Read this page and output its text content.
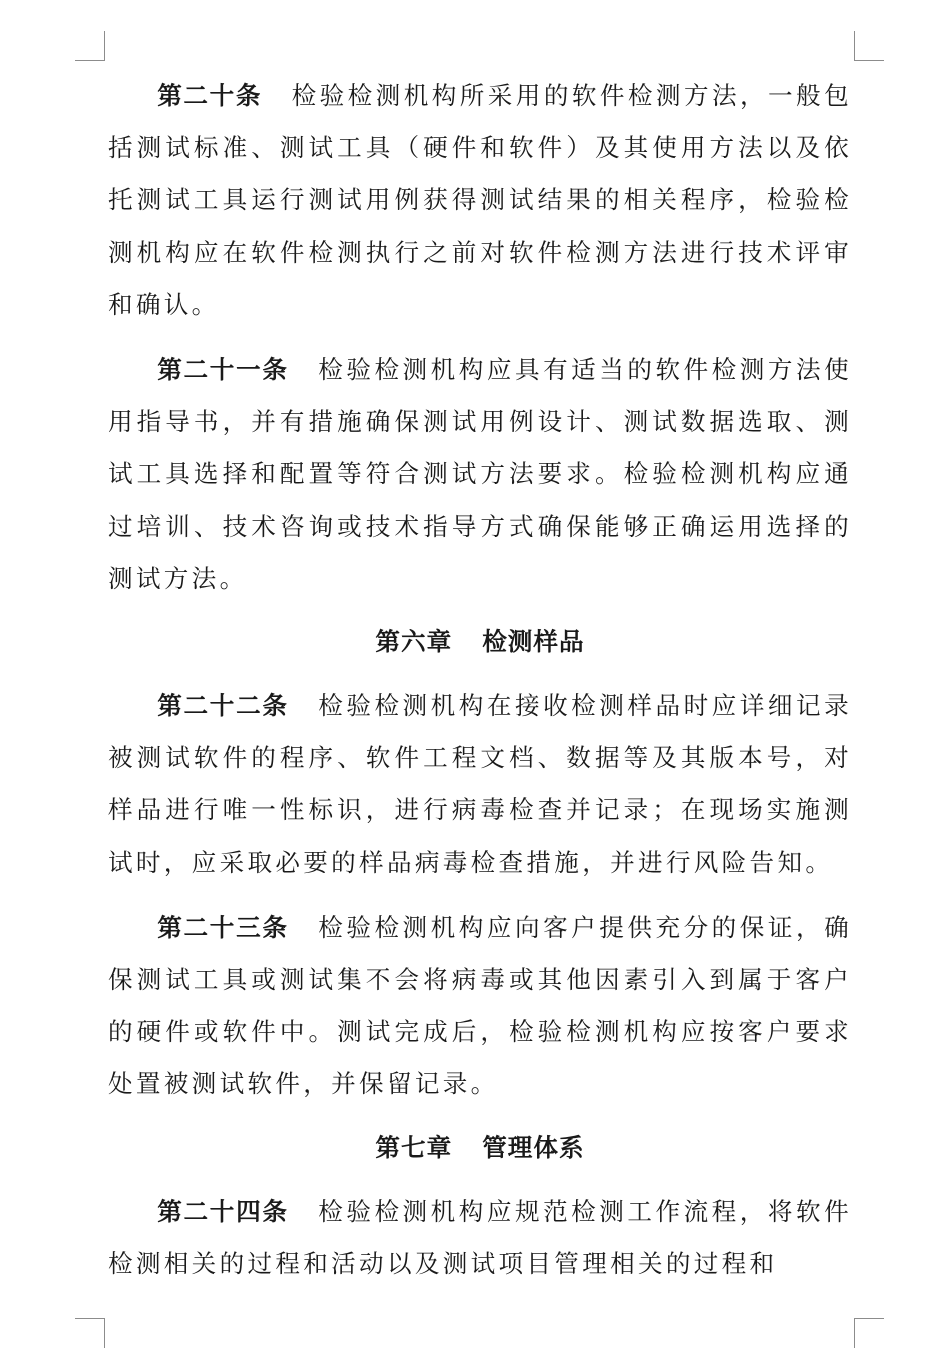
第二十条 检验检测机构所采用的软件检测方法，一般包括测试标准、测试工具（硬件和软件）及其使用方法以及依托测试工具运行测试用例获得测试结果的相关程序，检验检测机构应在软件检测执行之前对软件检测方法进行技术评审和确认。

第二十一条 检验检测机构应具有适当的软件检测方法使用指导书，并有措施确保测试用例设计、测试数据选取、测试工具选择和配置等符合测试方法要求。检验检测机构应通过培训、技术咨询或技术指导方式确保能够正确运用选择的测试方法。

第六章 检测样品

第二十二条 检验检测机构在接收检测样品时应详细记录被测试软件的程序、软件工程文档、数据等及其版本号，对样品进行唯一性标识，进行病毒检查并记录；在现场实施测试时，应采取必要的样品病毒检查措施，并进行风险告知。

第二十三条 检验检测机构应向客户提供充分的保证，确保测试工具或测试集不会将病毒或其他因素引入到属于客户的硬件或软件中。测试完成后，检验检测机构应按客户要求处置被测试软件，并保留记录。

第七章 管理体系

第二十四条 检验检测机构应规范检测工作流程，将软件检测相关的过程和活动以及测试项目管理相关的过程和
